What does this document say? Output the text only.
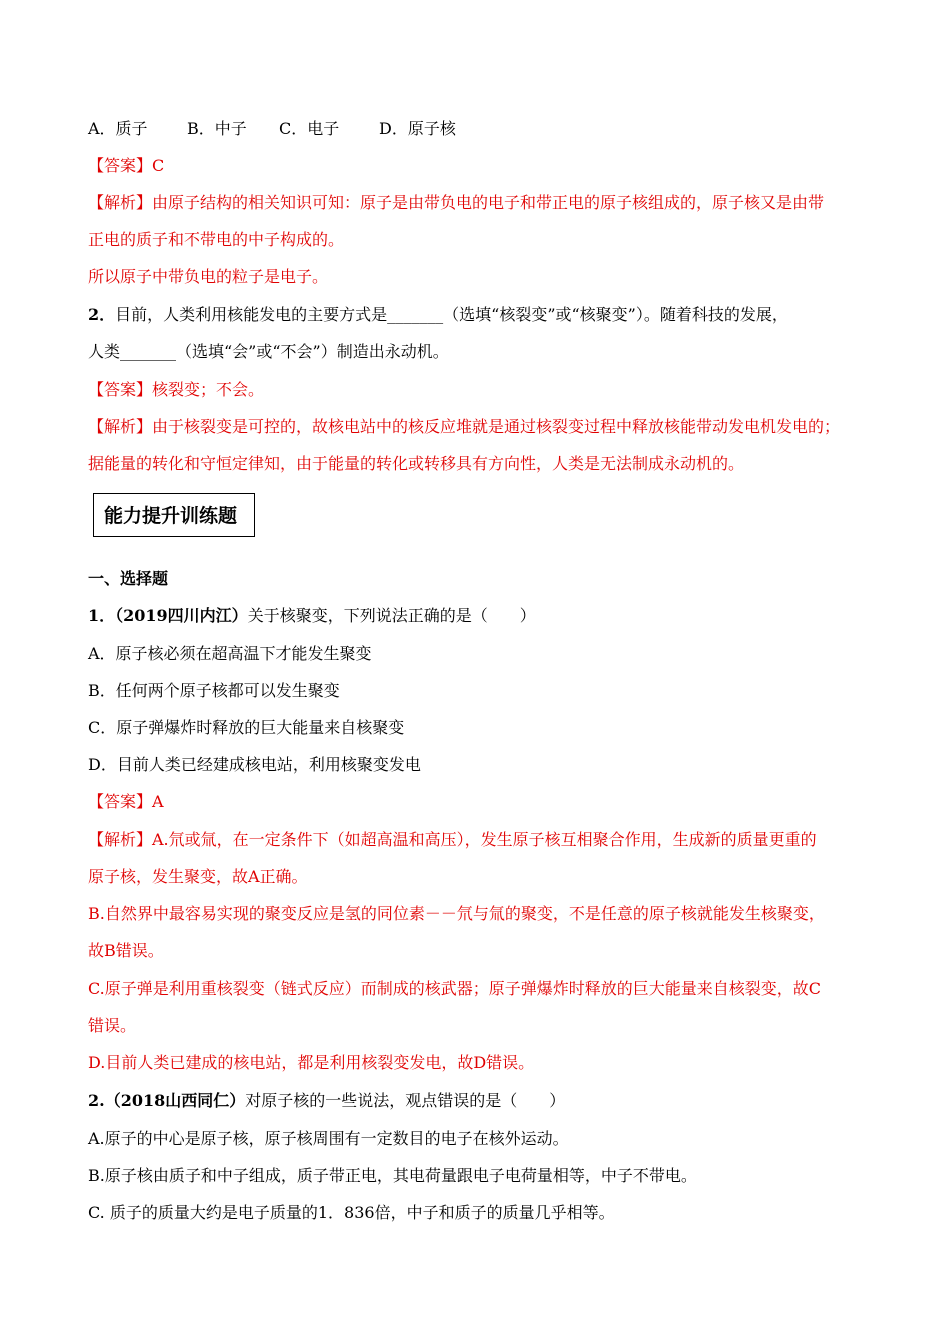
A．质子 B．中子 C．电子 D．原子核
【答案】C
【解析】由原子结构的相关知识可知：原子是由带负电的电子和带正电的原子核组成的，原子核又是由带
正电的质子和不带电的中子构成的。
所以原子中带负电的粒子是电子。
2．目前，人类利用核能发电的主要方式是_______（选填“核裂变”或“核聚变”）。随着科技的发展，
人类_______（选填“会”或“不会”）制造出永动机。
【答案】核裂变；不会。
【解析】由于核裂变是可控的，故核电站中的核反应堆就是通过核裂变过程中释放核能带动发电机发电的；
据能量的转化和守恒定律知，由于能量的转化或转移具有方向性，人类是无法制成永动机的。
能力提升训练题
一、选择题
1．（2019四川内江）关于核聚变，下列说法正确的是（　　）
A．原子核必须在超高温下才能发生聚变
B．任何两个原子核都可以发生聚变
C．原子弹爆炸时释放的巨大能量来自核聚变
D．目前人类已经建成核电站，利用核聚变发电
【答案】A
【解析】A.氘或氚，在一定条件下（如超高温和高压），发生原子核互相聚合作用，生成新的质量更重的
原子核，发生聚变，故A正确。
B.自然界中最容易实现的聚变反应是氢的同位素－－氘与氚的聚变，不是任意的原子核就能发生核聚变，
故B错误。
C.原子弹是利用重核裂变（链式反应）而制成的核武器；原子弹爆炸时释放的巨大能量来自核裂变，故C
错误。
D.目前人类已建成的核电站，都是利用核裂变发电，故D错误。
2.（2018山西同仁）对原子核的一些说法，观点错误的是（　　）
A.原子的中心是原子核，原子核周围有一定数目的电子在核外运动。
B.原子核由质子和中子组成，质子带正电，其电荷量跟电子电荷量相等，中子不带电。
C. 质子的质量大约是电子质量的1．836倍，中子和质子的质量几乎相等。
